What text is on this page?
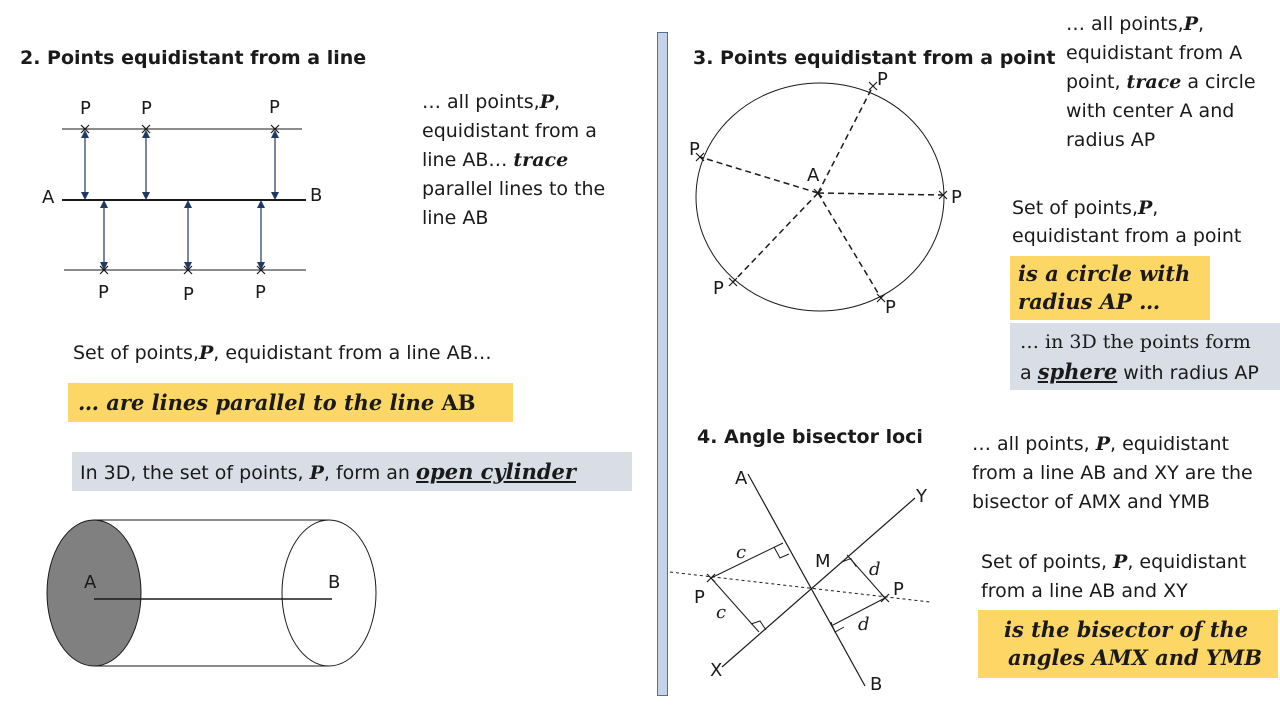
2. Points equidistant from a line
P	P	P
P	P	P
A	B
… all points,P,
equidistant from a
line AB… trace
parallel lines to the
line AB
Set of points,P, equidistant from a line AB…
… are lines parallel to the line AB
In 3D, the set of points, P, form an open cylinder
A	B
3. Points equidistant from a point
A
P
P
P
P
P
… all points,P,
equidistant from A
point, trace a circle
with center A and
radius AP
Set of points,P,
equidistant from a point
is a circle with
radius AP …
… in 3D the points form
a sphere with radius AP
4. Angle bisector loci
A
B
X
Y
M
P	P
c
c
d
d
… all points, P, equidistant
from a line AB and XY are the
bisector of AMX and YMB
Set of points, P, equidistant
from a line AB and XY
is the bisector of the
angles AMX and YMB
